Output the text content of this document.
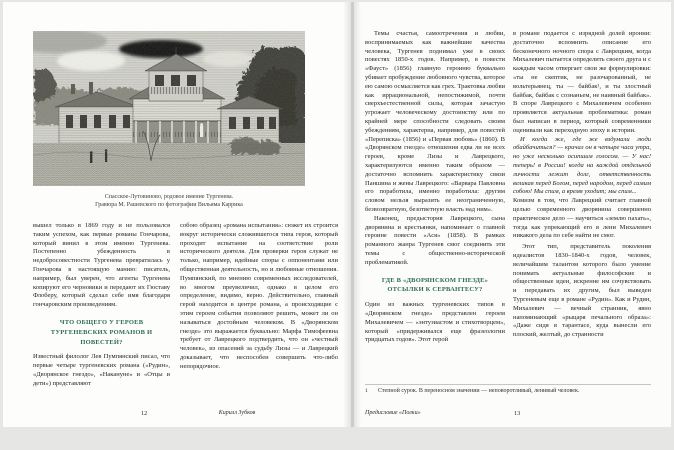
Спасское-Лутовиново, родовое имение Тургенева.
Гравюра М. Рашевского по фотографии Вильяма Каррика

вышел только в 1869 году и не пользовался таким успехом, как первые романы Гончарова, который винил в этом именно Тургенева. Постепенно убежденность в недобросовестности Тургенева превратилась у Гончарова в настоящую манию: писатель, например, был уверен, что агенты Тургенева копируют его черновики и передают их Гюставу Флоберу, который сделал себе имя благодаря гончаровским произведениям.

ЧТО ОБЩЕГО У ГЕРОЕВ ТУРГЕНЕВСКИХ РОМАНОВ И ПОВЕСТЕЙ?

Известный филолог Лев Пумпянский писал, что первые четыре тургеневских романа («Рудин», «Дворянское гнездо», «Накануне» и «Отцы и дети») представляют

собою образец «романа испытания»: сюжет их строится вокруг исторически сложившегося типа героя, который проходит испытание на соответствие роли исторического деятеля. Для проверки героя служат не только, например, идейные споры с оппонентами или общественная деятельность, но и любовные отношения. Пумпянский, по мнению современных исследователей, во многом преувеличил, однако в целом его определение, видимо, верно. Действительно, главный герой находится в центре романа, а происходящие с этим героем события позволяют решить, может ли он называться достойным человеком. В «Дворянском гнезде» это выражается буквально: Марфа Тимофеевна требует от Лаврецкого подтвердить, что он «честный человек», из опасений за судьбу Лизы — и Лаврецкий доказывает, что неспособен совершить что-либо непорядочное.

Темы счастья, самоотречения и любви, воспринимаемых как важнейшие качества человека, Тургенев поднимал уже в своих повестях 1850-х годов. Например, в повести «Фауст» (1856) главную героиню буквально убивает пробуждение любовного чувства, которое ею самою осмысляется как грех. Трактовка любви как иррациональной, непостижимой, почти сверхъестественной силы, которая зачастую угрожает человеческому достоинству или по крайней мере способности следовать своим убеждениям, характерна, например, для повестей «Переписка» (1856) и «Первая любовь» (1860). В «Дворянском гнезде» отношения едва ли не всех героев, кроме Лизы и Лаврецкого, характеризуются именно таким образом — достаточно вспомнить характеристику связи Паншина и жены Лаврецкого: «Варвара Павловна его поработила, именно поработила: другим словом нельзя выразить ее неограниченную, безвозвратную, безответную власть над ним».

Наконец, предыстория Лаврецкого, сына дворянина и крестьянки, напоминает о главной героине повести «Ася» (1858). В рамках романного жанра Тургенев смог соединить эти темы с общественно-исторической проблематикой.

ГДЕ В «ДВОРЯНСКОМ ГНЕЗДЕ» ОТСЫЛКИ К СЕРВАНТЕСУ?

Один из важных тургеневских типов в «Дворянском гнезде» представлен героем Михалевичем — «энтузиастом и стихотворцем», который «придерживался еще фразеологии тридцатых годов». Этот герой

в романе подается с изрядной долей иронии: достаточно вспомнить описание его бесконечного ночного спора с Лаврецким, когда Михалевич пытается определить своего друга и с каждым часом отвергает свои же формулировки: «ты не скептик, не разочарованный, не вольтерьянец, ты — байбак¹, и ты злостный байбак, байбак с сознаньем, не наивный байбак». В споре Лаврецкого с Михалевичем особенно проявляется актуальная проблематика: роман был написан в период, который современники оценивали как переходную эпоху в истории.

И когда же, где же вздумали люди обайбачиться? — кричал он в четыре часа утра, но уже несколько осипшим голосом. — У нас! теперь! в России! когда на каждой отдельной личности лежит долг, ответственность великая перед Богом, перед народом, перед самим собою! Мы спим, а время уходит; мы спим...

Комизм в том, что Лаврецкий считает главной целью современного дворянина совершенно практическое дело — научиться «землю пахать», тогда как упрекающий его в лени Михалевич никакого дела по себе найти не смог.

Этот тип, представитель поколения идеалистов 1830–1840-х годов, человек, величайшим талантом которого было умение понимать актуальные философские и общественные идеи, искренне им сочувствовать и передавать их другим, был выведен Тургеневым еще в романе «Рудин». Как и Рудин, Михалевич — вечный странник, явно напоминающий «рыцаря печального образа»: «Даже сидя в тарантасе, куда вынесли его плоский, желтый, до странности

1 Степной сурок. В переносном значении — неповоротливый, ленивый человек.
12	Кирилл Зубков	Предисловие «Полки»	13
